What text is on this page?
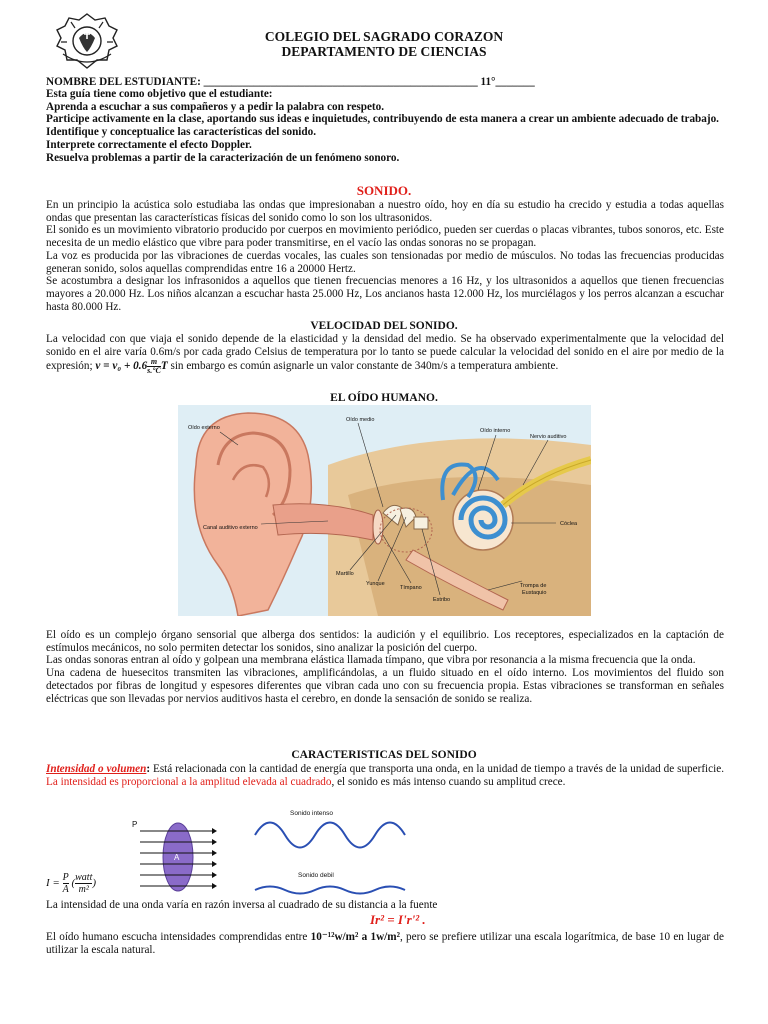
COLEGIO DEL SAGRADO CORAZON
DEPARTAMENTO DE CIENCIAS
NOMBRE DEL ESTUDIANTE: _________________________________________________ 11°_______
Esta guía tiene como objetivo que el estudiante:
Aprenda a escuchar a sus compañeros y a pedir la palabra con respeto.
Participe activamente en la clase, aportando sus ideas e inquietudes, contribuyendo de esta manera a crear un ambiente adecuado de trabajo.
Identifique y conceptualice las características del sonido.
Interprete correctamente el efecto Doppler.
Resuelva problemas a partir de la caracterización de un fenómeno sonoro.
SONIDO.
En un principio la acústica solo estudiaba las ondas que impresionaban a nuestro oído, hoy en día su estudio ha crecido y estudia a todas aquellas ondas que presentan las características físicas del sonido como lo son los ultrasonidos.
El sonido es un movimiento vibratorio producido por cuerpos en movimiento periódico, pueden ser cuerdas o placas vibrantes, tubos sonoros, etc. Este necesita de un medio elástico que vibre para poder transmitirse, en el vacío las ondas sonoras no se propagan.
La voz es producida por las vibraciones de cuerdas vocales, las cuales son tensionadas por medio de músculos. No todas las frecuencias producidas generan sonido, solos aquellas comprendidas entre 16 a 20000 Hertz.
Se acostumbra a designar los infrasonidos a aquellos que tienen frecuencias menores a 16 Hz, y los ultrasonidos a aquellos que tienen frecuencias mayores a 20.000 Hz. Los niños alcanzan a escuchar hasta 25.000 Hz, Los ancianos hasta 12.000 Hz, los murciélagos y los perros alcanzan a escuchar hasta 80.000 Hz.
VELOCIDAD DEL SONIDO.
La velocidad con que viaja el sonido depende de la elasticidad y la densidad del medio. Se ha observado experimentalmente que la velocidad del sonido en el aire varía 0.6m/s por cada grado Celsius de temperatura por lo tanto se puede calcular la velocidad del sonido en el aire por medio de la expresión; $v = v_0 + 0.6 \frac{m}{s.^\circ C}$ T sin embargo es común asignarle un valor constante de 340m/s a temperatura ambiente.
EL OÍDO HUMANO.
Oído externo
Oído medio
Oído interno
Nervio auditivo
Canal auditivo externo
Cóclea
Martillo
Yunque
Tímpano
Estribo
Trompa de
Eustaquio
El oído es un complejo órgano sensorial que alberga dos sentidos: la audición y el equilibrio. Los receptores, especializados en la captación de estímulos mecánicos, no solo permiten detectar los sonidos, sino analizar la posición del cuerpo.
Las ondas sonoras entran al oído y golpean una membrana elástica llamada tímpano, que vibra por resonancia a la misma frecuencia que la onda.
Una cadena de huesecitos transmiten las vibraciones, amplificándolas, a un fluido situado en el oído interno. Los movimientos del fluido son detectados por fibras de longitud y espesores diferentes que vibran cada uno con su frecuencia propia. Estas vibraciones se transforman en señales eléctricas que son llevadas por nervios auditivos hasta el cerebro, en donde la sensación de sonido se realiza.
CARACTERISTICAS DEL SONIDO
Intensidad o volumen: Está relacionada con la cantidad de energía que transporta una onda, en la unidad de tiempo a través de la unidad de superficie. La intensidad es proporcional a la amplitud elevada al cuadrado, el sonido es más intenso cuando su amplitud crece.
P
A
Sonido intenso
Sonido debil
$I = \frac{P}{A}$ ( $\frac{\text{watt}}{\text{m²}}$ )
La intensidad de una onda varía en razón inversa al cuadrado de su distancia a la fuente
Ir² = I'r'² .
El oído humano escucha intensidades comprendidas entre 10⁻¹²w/m² a 1w/m², pero se prefiere utilizar una escala logarítmica, de base 10 en lugar de utilizar la escala natural.
